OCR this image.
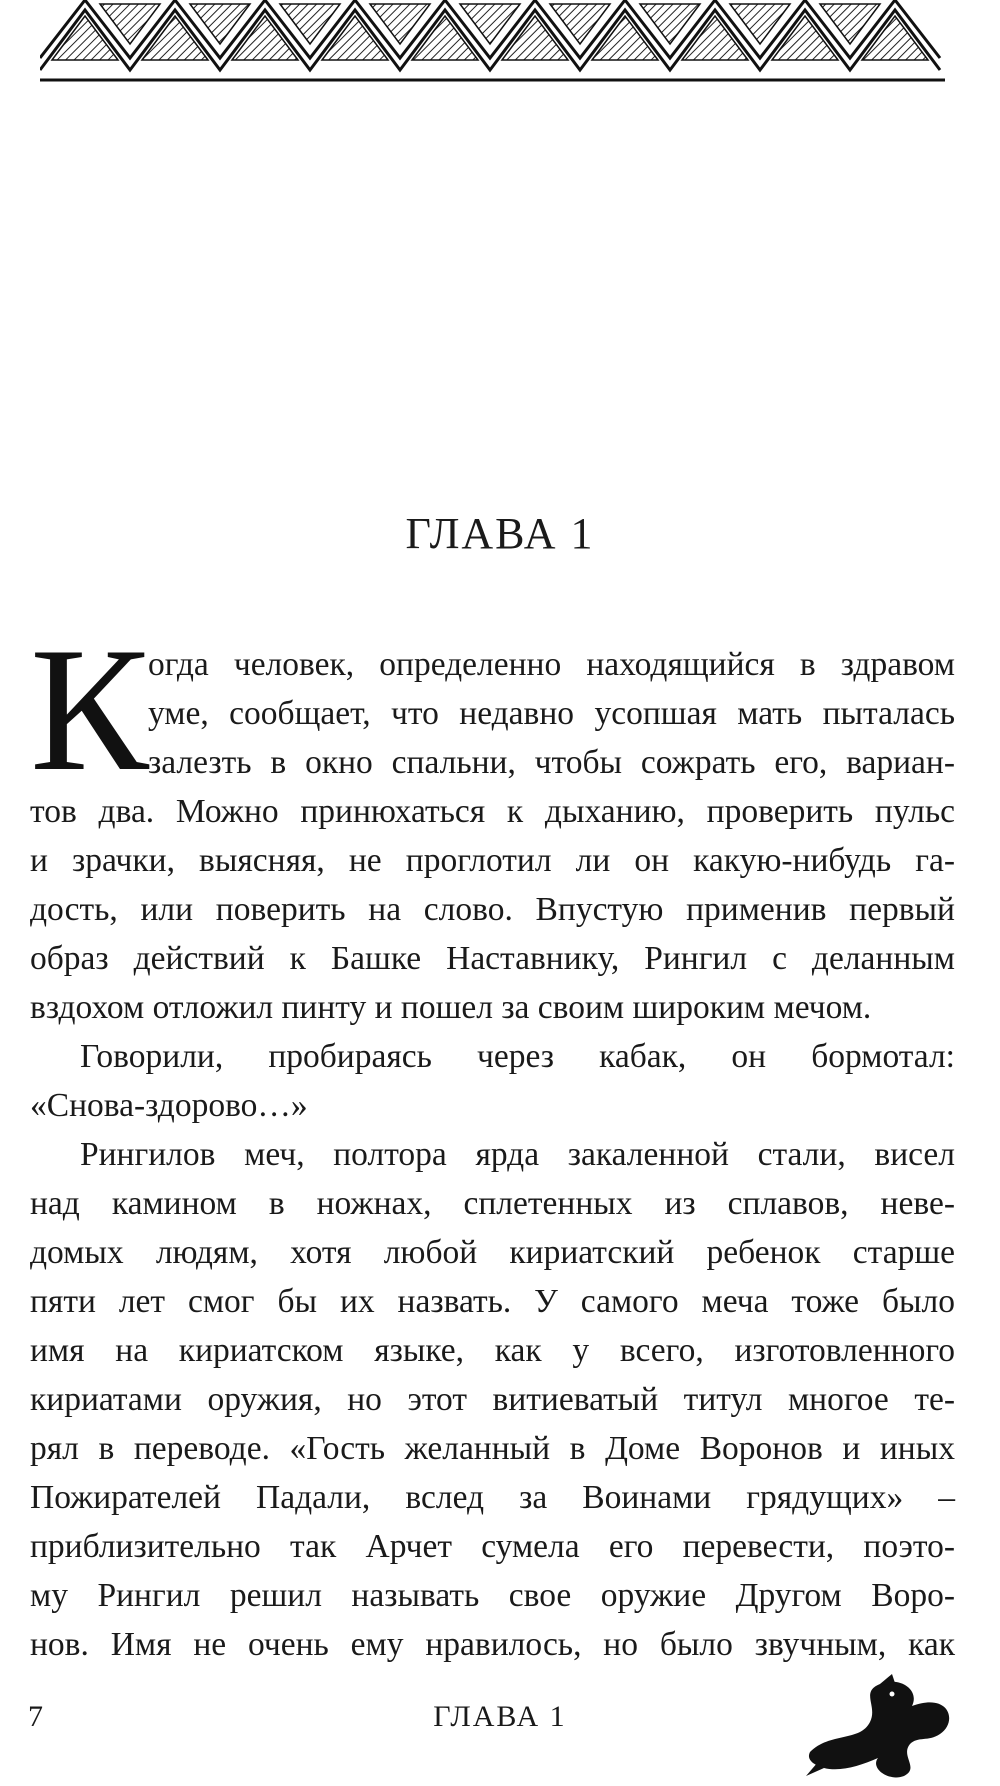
ГЛАВА 1
К огда человек, определенно находящийся в здравом
уме, сообщает, что недавно усопшая мать пыталась
залезть в окно спальни, чтобы сожрать его, вариан-
тов два. Можно принюхаться к дыханию, проверить пульс
и зрачки, выясняя, не проглотил ли он какую-нибудь га-
дость, или поверить на слово. Впустую применив первый
образ действий к Башке Наставнику, Рингил с деланным
вздохом отложил пинту и пошел за своим широким мечом.
Говорили, пробираясь через кабак, он бормотал:
«Снова-здорово…»
Рингилов меч, полтора ярда закаленной стали, висел
над камином в ножнах, сплетенных из сплавов, неве-
домых людям, хотя любой кириатский ребенок старше
пяти лет смог бы их назвать. У самого меча тоже было
имя на кириатском языке, как у всего, изготовленного
кириатами оружия, но этот витиеватый титул многое те-
рял в переводе. «Гость желанный в Доме Воронов и иных
Пожирателей Падали, вслед за Воинами грядущих» –
приблизительно так Арчет сумела его перевести, поэто-
му Рингил решил называть свое оружие Другом Воро-
нов. Имя не очень ему нравилось, но было звучным, как
7	ГЛАВА 1
